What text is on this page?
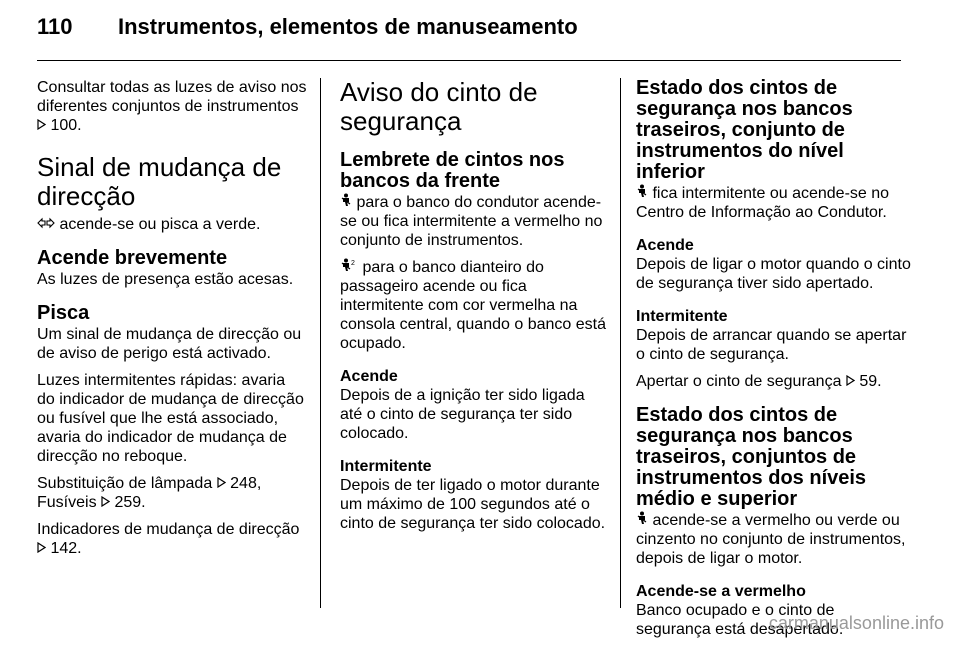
110 Instrumentos, elementos de manuseamento

Consultar todas as luzes de aviso nos diferentes conjuntos de instrumentos  100.

Sinal de mudança de direcção

acende-se ou pisca a verde.

Acende brevemente

As luzes de presença estão acesas.

Pisca

Um sinal de mudança de direcção ou de aviso de perigo está activado.

Luzes intermitentes rápidas: avaria do indicador de mudança de direcção ou fusível que lhe está associado, avaria do indicador de mudança de direcção no reboque.

Substituição de lâmpada 248,
Fusíveis 259.

Indicadores de mudança de direcção  142.

Aviso do cinto de segurança
Lembrete de cintos nos bancos da frente

para o banco do condutor acende-se ou fica intermitente a vermelho no conjunto de instrumentos.

2 para o banco dianteiro do passageiro acende ou fica intermitente com cor vermelha na consola central, quando o banco está ocupado.

Acende

Depois de a ignição ter sido ligada até o cinto de segurança ter sido colocado.

Intermitente

Depois de ter ligado o motor durante um máximo de 100 segundos até o cinto de segurança ter sido colocado.

Estado dos cintos de segurança nos bancos traseiros, conjunto de instrumentos do nível inferior

fica intermitente ou acende-se no Centro de Informação ao Condutor.

Acende

Depois de ligar o motor quando o cinto de segurança tiver sido apertado.

Intermitente

Depois de arrancar quando se apertar o cinto de segurança.

Apertar o cinto de segurança 59.

Estado dos cintos de segurança nos bancos traseiros, conjuntos de instrumentos dos níveis médio e superior

acende-se a vermelho ou verde ou cinzento no conjunto de instrumentos, depois de ligar o motor.

Acende-se a vermelho

Banco ocupado e o cinto de segurança está desapertado.

carmanualsonline.info
